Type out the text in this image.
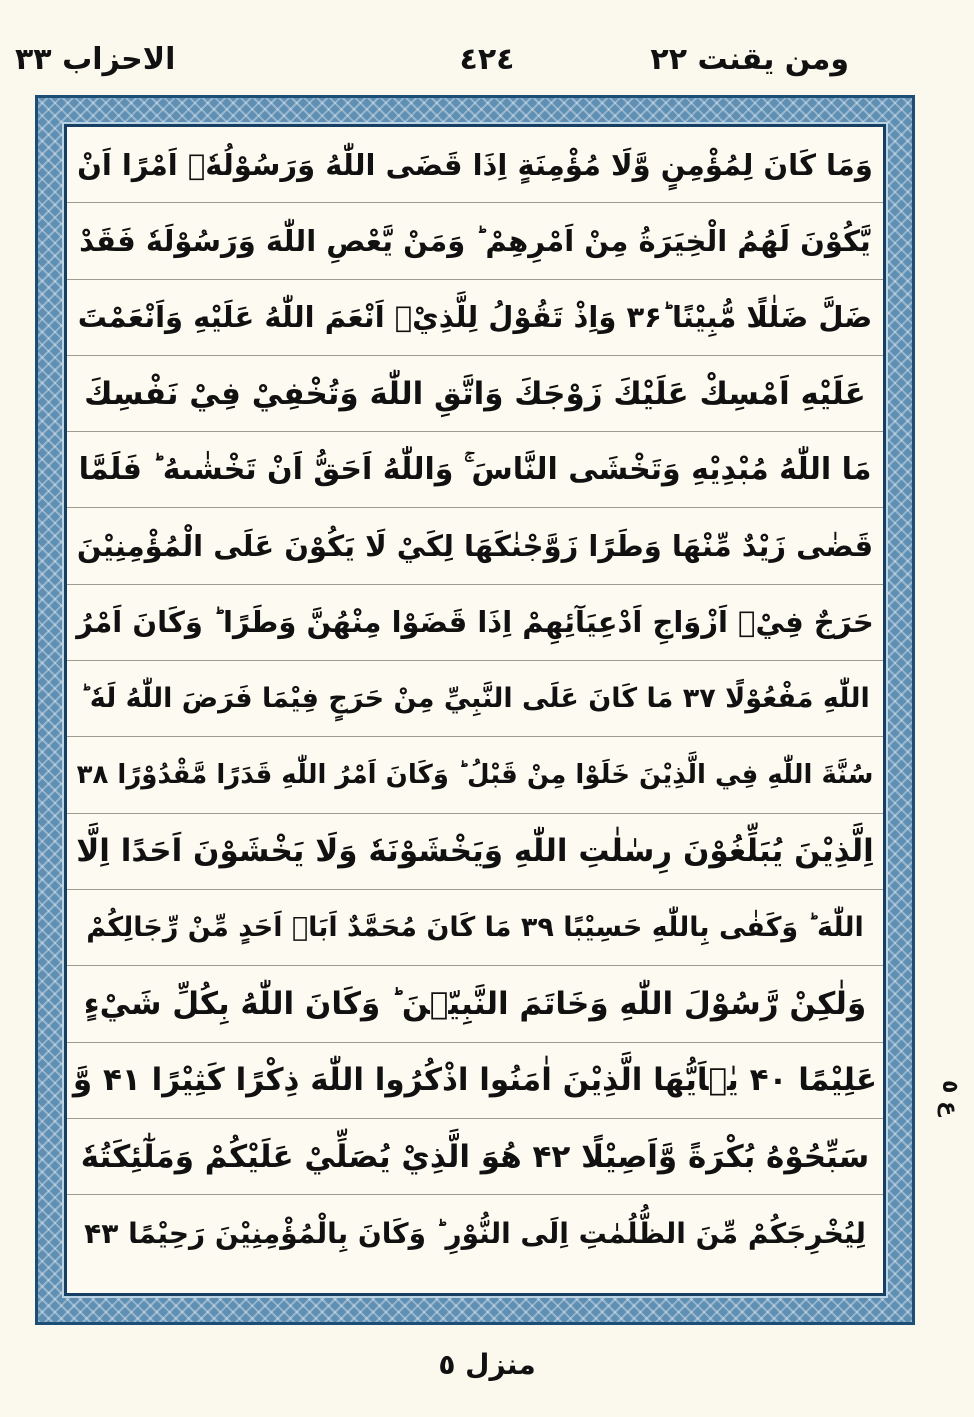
ومن يقنت ٢٢
٤٢٤
الاحزاب ٣٣
وَمَا كَانَ لِمُؤْمِنٍ وَّلَا مُؤْمِنَةٍ اِذَا قَضَى اللّٰهُ وَرَسُوْلُهٗۤ اَمْرًا اَنْ
يَّكُوْنَ لَهُمُ الْخِيَرَةُ مِنْ اَمْرِهِمْ ؕ وَمَنْ يَّعْصِ اللّٰهَ وَرَسُوْلَهٗ فَقَدْ
ضَلَّ ضَلٰلًا مُّبِيْنًا ؕ۳۶ وَاِذْ تَقُوْلُ لِلَّذِيْۤ اَنْعَمَ اللّٰهُ عَلَيْهِ وَاَنْعَمْتَ
عَلَيْهِ اَمْسِكْ عَلَيْكَ زَوْجَكَ وَاتَّقِ اللّٰهَ وَتُخْفِيْ فِيْ نَفْسِكَ
مَا اللّٰهُ مُبْدِيْهِ وَتَخْشَى النَّاسَ ۚ وَاللّٰهُ اَحَقُّ اَنْ تَخْشٰىهُ ؕ فَلَمَّا
قَضٰى زَيْدٌ مِّنْهَا وَطَرًا زَوَّجْنٰكَهَا لِكَيْ لَا يَكُوْنَ عَلَى الْمُؤْمِنِيْنَ
حَرَجٌ فِيْۤ اَزْوَاجِ اَدْعِيَآئِهِمْ اِذَا قَضَوْا مِنْهُنَّ وَطَرًا ؕ وَكَانَ اَمْرُ
اللّٰهِ مَفْعُوْلًا ۳۷ مَا كَانَ عَلَى النَّبِيِّ مِنْ حَرَجٍ فِيْمَا فَرَضَ اللّٰهُ لَهٗ ؕ
سُنَّةَ اللّٰهِ فِي الَّذِيْنَ خَلَوْا مِنْ قَبْلُ ؕ وَكَانَ اَمْرُ اللّٰهِ قَدَرًا مَّقْدُوْرًا ۳۸
اِلَّذِيْنَ يُبَلِّغُوْنَ رِسٰلٰتِ اللّٰهِ وَيَخْشَوْنَهٗ وَلَا يَخْشَوْنَ اَحَدًا اِلَّا
اللّٰهَ ؕ وَكَفٰى بِاللّٰهِ حَسِيْبًا ۳۹ مَا كَانَ مُحَمَّدٌ اَبَاۤ اَحَدٍ مِّنْ رِّجَالِكُمْ
وَلٰكِنْ رَّسُوْلَ اللّٰهِ وَخَاتَمَ النَّبِيّٖنَ ؕ وَكَانَ اللّٰهُ بِكُلِّ شَيْءٍ
عَلِيْمًا ۴۰ يٰۤاَيُّهَا الَّذِيْنَ اٰمَنُوا اذْكُرُوا اللّٰهَ ذِكْرًا كَثِيْرًا ۴۱ وَّ
سَبِّحُوْهُ بُكْرَةً وَّاَصِيْلًا ۴۲ هُوَ الَّذِيْ يُصَلِّيْ عَلَيْكُمْ وَمَلٰٓئِكَتُهٗ
لِيُخْرِجَكُمْ مِّنَ الظُّلُمٰتِ اِلَى النُّوْرِ ؕ وَكَانَ بِالْمُؤْمِنِيْنَ رَحِيْمًا ۴۳
ع ٥
منزل ٥
